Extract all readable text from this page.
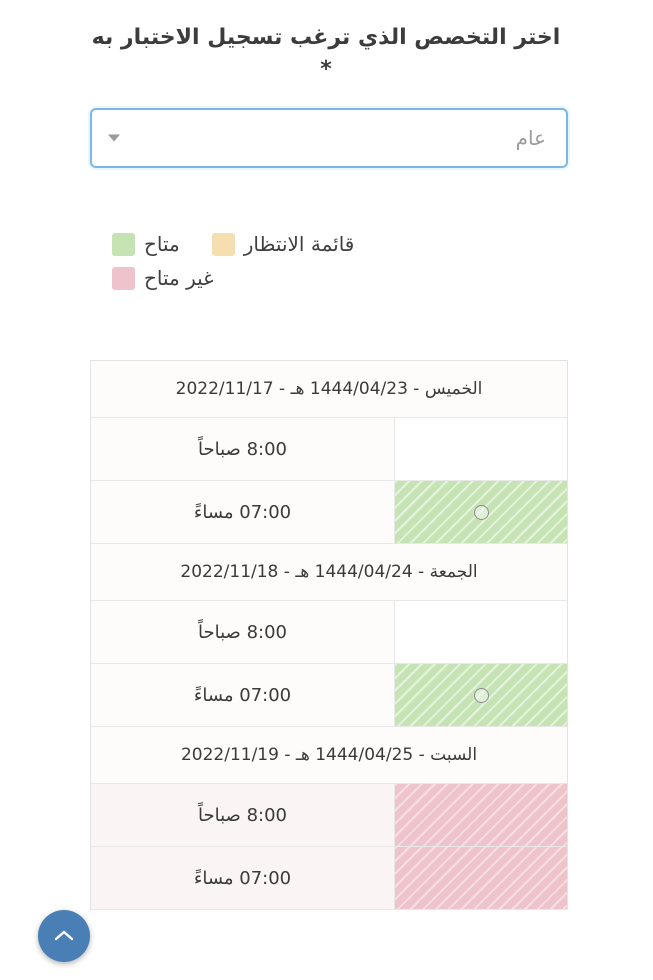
اختر التخصص الذي ترغب تسجيل الاختبار به *
عام
متاح	قائمة الانتظار
غير متاح
الخميس - 1444/04/23 هـ - 2022/11/17
8:00 صباحاً
07:00 مساءً
الجمعة - 1444/04/24 هـ - 2022/11/18
8:00 صباحاً
07:00 مساءً
السبت - 1444/04/25 هـ - 2022/11/19
8:00 صباحاً
07:00 مساءً
